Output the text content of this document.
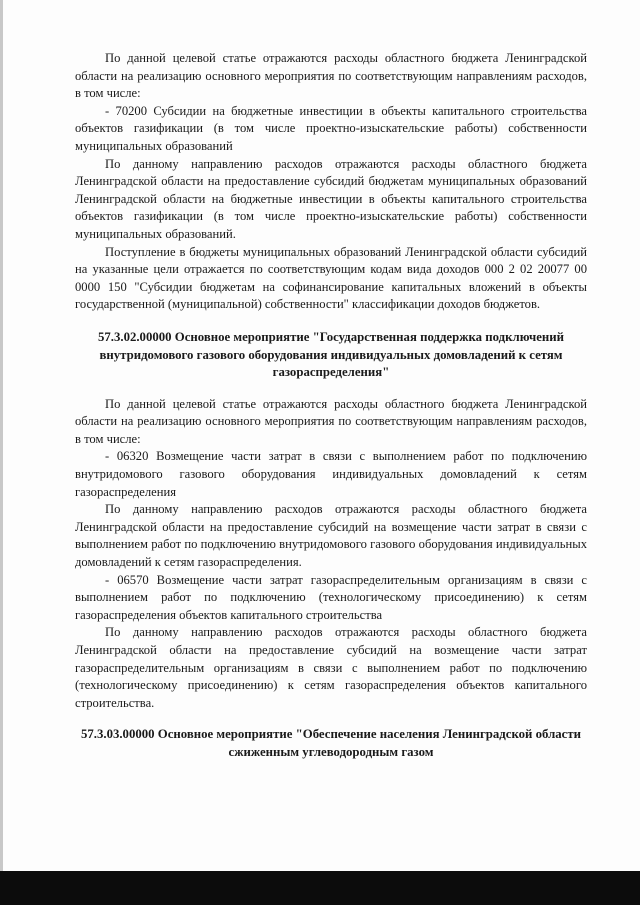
По данной целевой статье отражаются расходы областного бюджета Ленинградской области на реализацию основного мероприятия по соответствующим направлениям расходов, в том числе:

- 70200 Субсидии на бюджетные инвестиции в объекты капитального строительства объектов газификации (в том числе проектно-изыскательские работы) собственности муниципальных образований

По данному направлению расходов отражаются расходы областного бюджета Ленинградской области на предоставление субсидий бюджетам муниципальных образований Ленинградской области на бюджетные инвестиции в объекты капитального строительства объектов газификации (в том числе проектно-изыскательские работы) собственности муниципальных образований.

Поступление в бюджеты муниципальных образований Ленинградской области субсидий на указанные цели отражается по соответствующим кодам вида доходов 000 2 02 20077 00 0000 150 "Субсидии бюджетам на софинансирование капитальных вложений в объекты государственной (муниципальной) собственности" классификации доходов бюджетов.

57.3.02.00000 Основное мероприятие "Государственная поддержка подключений внутридомового газового оборудования индивидуальных домовладений к сетям газораспределения"

По данной целевой статье отражаются расходы областного бюджета Ленинградской области на реализацию основного мероприятия по соответствующим направлениям расходов, в том числе:

- 06320 Возмещение части затрат в связи с выполнением работ по подключению внутридомового газового оборудования индивидуальных домовладений к сетям газораспределения

По данному направлению расходов отражаются расходы областного бюджета Ленинградской области на предоставление субсидий на возмещение части затрат в связи с выполнением работ по подключению внутридомового газового оборудования индивидуальных домовладений к сетям газораспределения.

- 06570 Возмещение части затрат газораспределительным организациям в связи с выполнением работ по подключению (технологическому присоединению) к сетям газораспределения объектов капитального строительства

По данному направлению расходов отражаются расходы областного бюджета Ленинградской области на предоставление субсидий на возмещение части затрат газораспределительным организациям в связи с выполнением работ по подключению (технологическому присоединению) к сетям газораспределения объектов капитального строительства.

57.3.03.00000 Основное мероприятие "Обеспечение населения Ленинградской области сжиженным углеводородным газом
